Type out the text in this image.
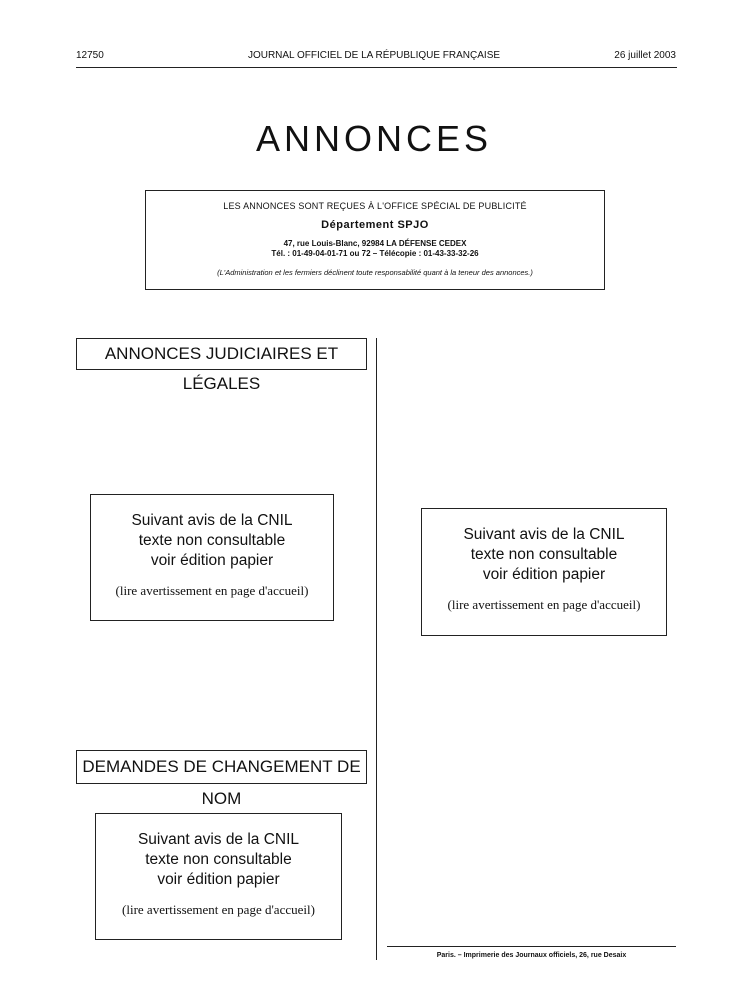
12750	JOURNAL OFFICIEL DE LA RÉPUBLIQUE FRANÇAISE	26 juillet 2003
ANNONCES
LES ANNONCES SONT REÇUES À L'OFFICE SPÉCIAL DE PUBLICITÉ
Département SPJO
47, rue Louis-Blanc, 92984 LA DÉFENSE CEDEX
Tél. : 01-49-04-01-71 ou 72 – Télécopie : 01-43-33-32-26
(L'Administration et les fermiers déclinent toute responsabilité quant à la teneur des annonces.)
ANNONCES JUDICIAIRES ET LÉGALES
Suivant avis de la CNIL
texte non consultable
voir édition papier
(lire avertissement en page d'accueil)
Suivant avis de la CNIL
texte non consultable
voir édition papier
(lire avertissement en page d'accueil)
DEMANDES DE CHANGEMENT DE NOM
Suivant avis de la CNIL
texte non consultable
voir édition papier
(lire avertissement en page d'accueil)
Paris. – Imprimerie des Journaux officiels, 26, rue Desaix
